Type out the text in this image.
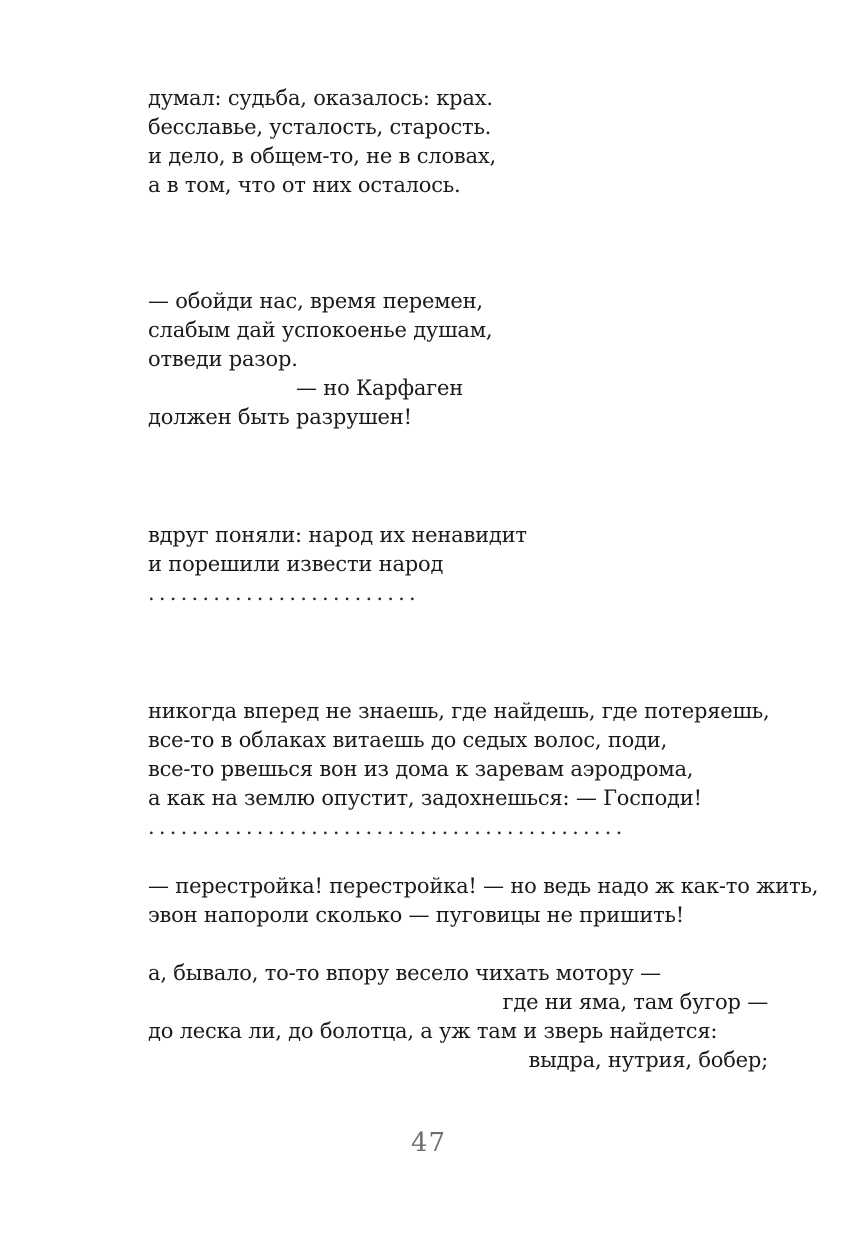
думал: судьба, оказалось: крах.
бесславье, усталость, старость.
и дело, в общем-то, не в словах,
а в том, что от них осталось.
— обойди нас, время перемен,
слабым дай успокоенье душам,
отведи разор.
— но Карфаген
должен быть разрушен!
вдруг поняли: народ их ненавидит
и порешили извести народ
.........................
никогда вперед не знаешь, где найдешь, где потеряешь,
все-то в облаках витаешь до седых волос, поди,
все-то рвешься вон из дома к заревам аэродрома,
а как на землю опустит, задохнешься: — Господи!
............................................
— перестройка! перестройка! — но ведь надо ж как-то жить,
эвон напороли сколько — пуговицы не пришить!
а, бывало, то-то впору весело чихать мотору —
где ни яма, там бугор —
до леска ли, до болотца, а уж там и зверь найдется:
выдра, нутрия, бобер;
47
